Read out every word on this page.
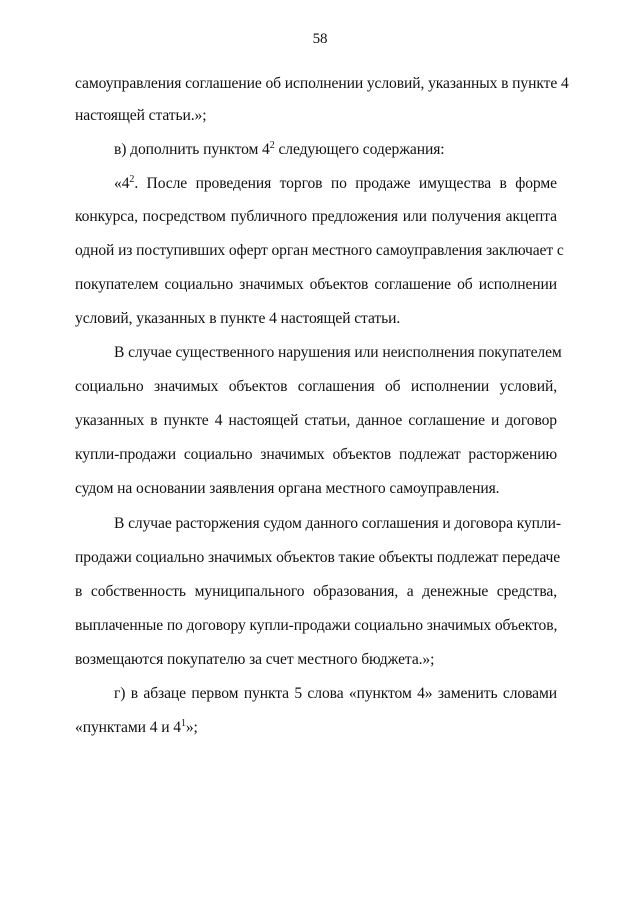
58
самоуправления соглашение об исполнении условий, указанных в пункте 4
настоящей статьи.»;
в) дополнить пунктом $4^2$ следующего содержания:
«$4^2$. После проведения торгов по продаже имущества в форме
конкурса, посредством публичного предложения или получения акцепта
одной из поступивших оферт орган местного самоуправления заключает с
покупателем социально значимых объектов соглашение об исполнении
условий, указанных в пункте 4 настоящей статьи.
В случае существенного нарушения или неисполнения покупателем
социально значимых объектов соглашения об исполнении условий,
указанных в пункте 4 настоящей статьи, данное соглашение и договор
купли-продажи социально значимых объектов подлежат расторжению
судом на основании заявления органа местного самоуправления.
В случае расторжения судом данного соглашения и договора купли-
продажи социально значимых объектов такие объекты подлежат передаче
в собственность муниципального образования, а денежные средства,
выплаченные по договору купли-продажи социально значимых объектов,
возмещаются покупателю за счет местного бюджета.»;
г) в абзаце первом пункта 5 слова «пунктом 4» заменить словами
«пунктами 4 и $4^1$»;
